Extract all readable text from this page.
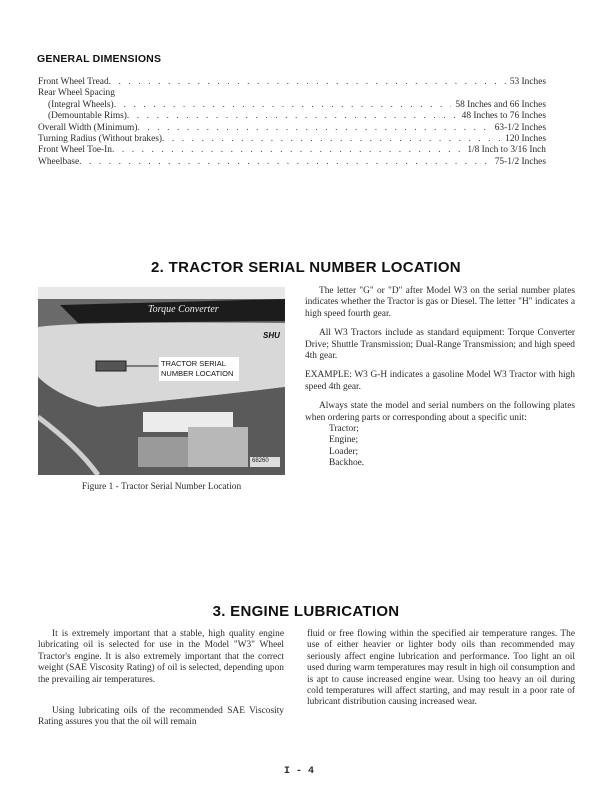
GENERAL DIMENSIONS
Front Wheel Tread . . .	53 Inches
Rear Wheel Spacing
(Integral Wheels) . . .	58 Inches and 66 Inches
(Demountable Rims) . . .	48 Inches to 76 Inches
Overall Width (Minimum) . . .	63-1/2 Inches
Turning Radius (Without brakes) . . .	120 Inches
Front Wheel Toe-In . . .	1/8 Inch to 3/16 Inch
Wheelbase . . .	75-1/2 Inches
2. TRACTOR SERIAL NUMBER LOCATION
Torque Converter
SHU
TRACTOR SERIAL
NUMBER LOCATION
68260
Figure 1 - Tractor Serial Number Location

The letter "G" or "D" after Model W3 on the serial number plates indicates whether the Tractor is gas or Diesel. The letter "H" indicates a high speed fourth gear.

All W3 Tractors include as standard equipment: Torque Converter Drive; Shuttle Transmission; Dual-Range Transmission; and high speed 4th gear.

EXAMPLE: W3 G-H indicates a gasoline Model W3 Tractor with high speed 4th gear.

Always state the model and serial numbers on the following plates when ordering parts or corresponding about a specific unit:

Tractor;
Engine;
Loader;
Backhoe.
3. ENGINE LUBRICATION

It is extremely important that a stable, high quality engine lubricating oil is selected for use in the Model "W3" Wheel Tractor's engine. It is also extremely important that the correct weight (SAE Viscosity Rating) of oil is selected, depending upon the prevailing air temperatures.

Using lubricating oils of the recommended SAE Viscosity Rating assures you that the oil will remain

fluid or free flowing within the specified air temperature ranges. The use of either heavier or lighter body oils than recommended may seriously affect engine lubrication and performance. Too light an oil used during warm temperatures may result in high oil consumption and is apt to cause increased engine wear. Using too heavy an oil during cold temperatures will affect starting, and may result in a poor rate of lubricant distribution causing increased wear.

I - 4
